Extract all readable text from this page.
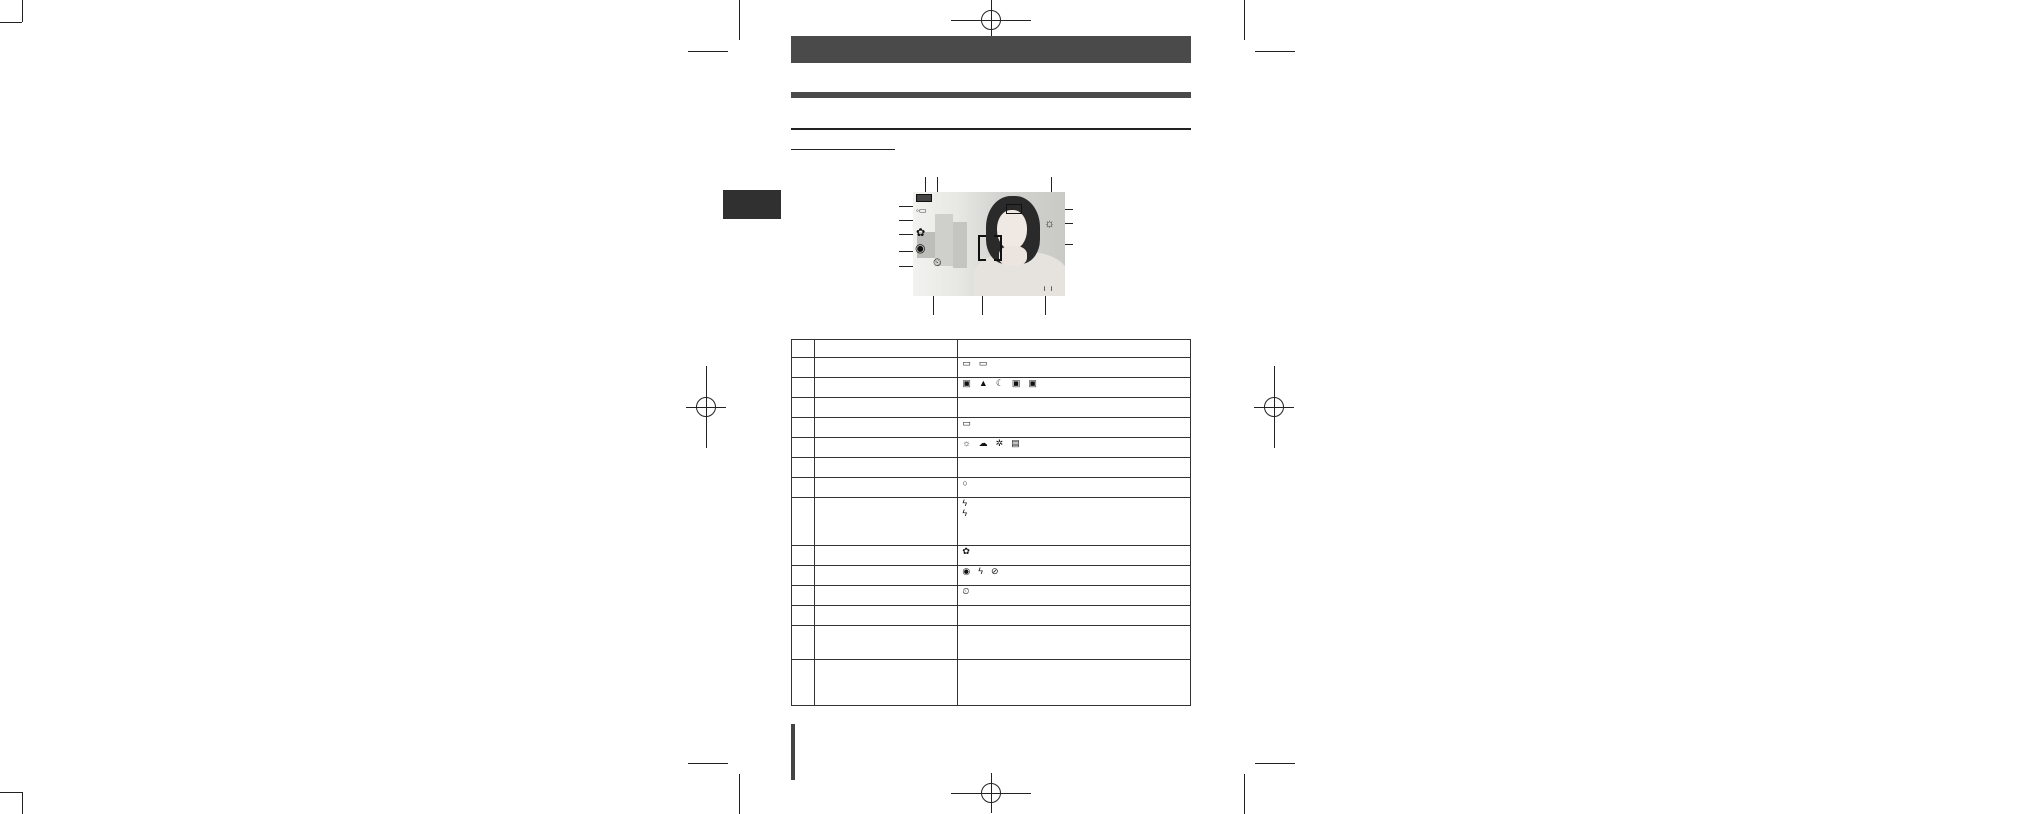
☼
◦▭
✿
◉
⏲
╷ ╷

		▭ ▭
		▣ ▲ ☾ ▣ ▣

		▭
		☼ ☁ ✲ ▤

		○

		ϟ
ϟ

		✿
		◉ ϟ ⊘
		⏲
